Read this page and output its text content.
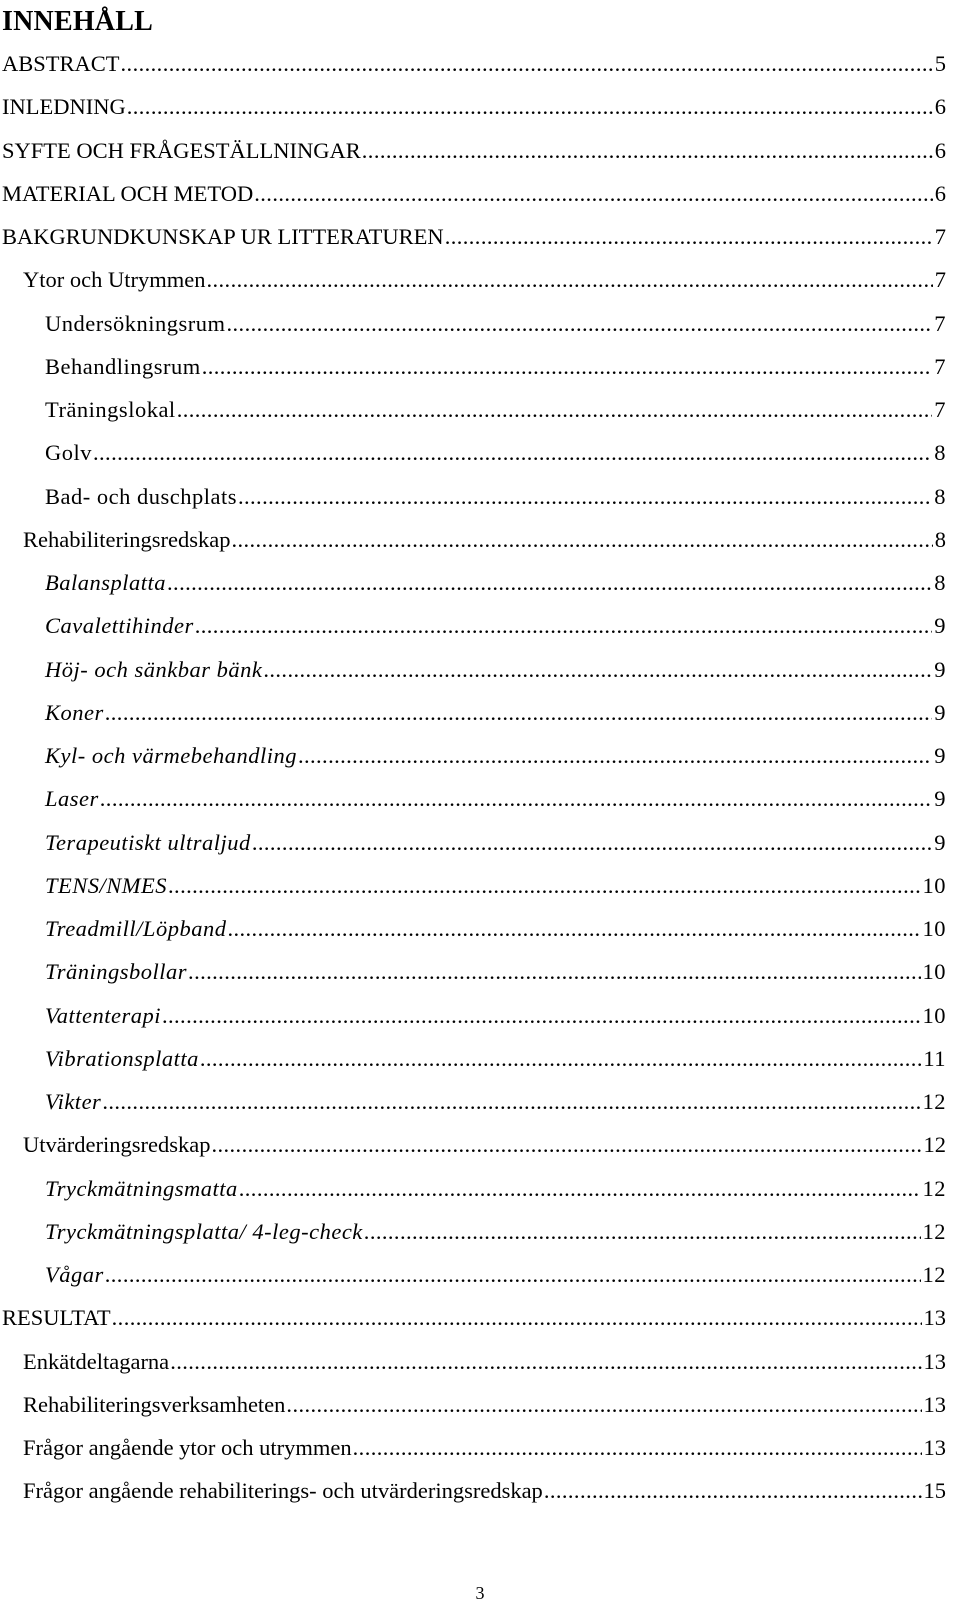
INNEHÅLL
ABSTRACT .....	5
INLEDNING .....	6
SYFTE OCH FRÅGESTÄLLNINGAR .....	6
MATERIAL OCH METOD .....	6
BAKGRUNDKUNSKAP UR LITTERATUREN .....	7
Ytor och Utrymmen .....	7
Undersökningsrum .....	7
Behandlingsrum .....	7
Träningslokal .....	7
Golv .....	8
Bad- och duschplats .....	8
Rehabiliteringsredskap .....	8
Balansplatta .....	8
Cavalettihinder .....	9
Höj- och sänkbar bänk .....	9
Koner .....	9
Kyl- och värmebehandling .....	9
Laser .....	9
Terapeutiskt ultraljud .....	9
TENS/NMES .....	10
Treadmill/Löpband .....	10
Träningsbollar .....	10
Vattenterapi .....	10
Vibrationsplatta .....	11
Vikter .....	12
Utvärderingsredskap .....	12
Tryckmätningsmatta .....	12
Tryckmätningsplatta/ 4-leg-check .....	12
Vågar .....	12
RESULTAT .....	13
Enkätdeltagarna .....	13
Rehabiliteringsverksamheten .....	13
Frågor angående ytor och utrymmen .....	13
Frågor angående rehabiliterings- och utvärderingsredskap .....	15
3
